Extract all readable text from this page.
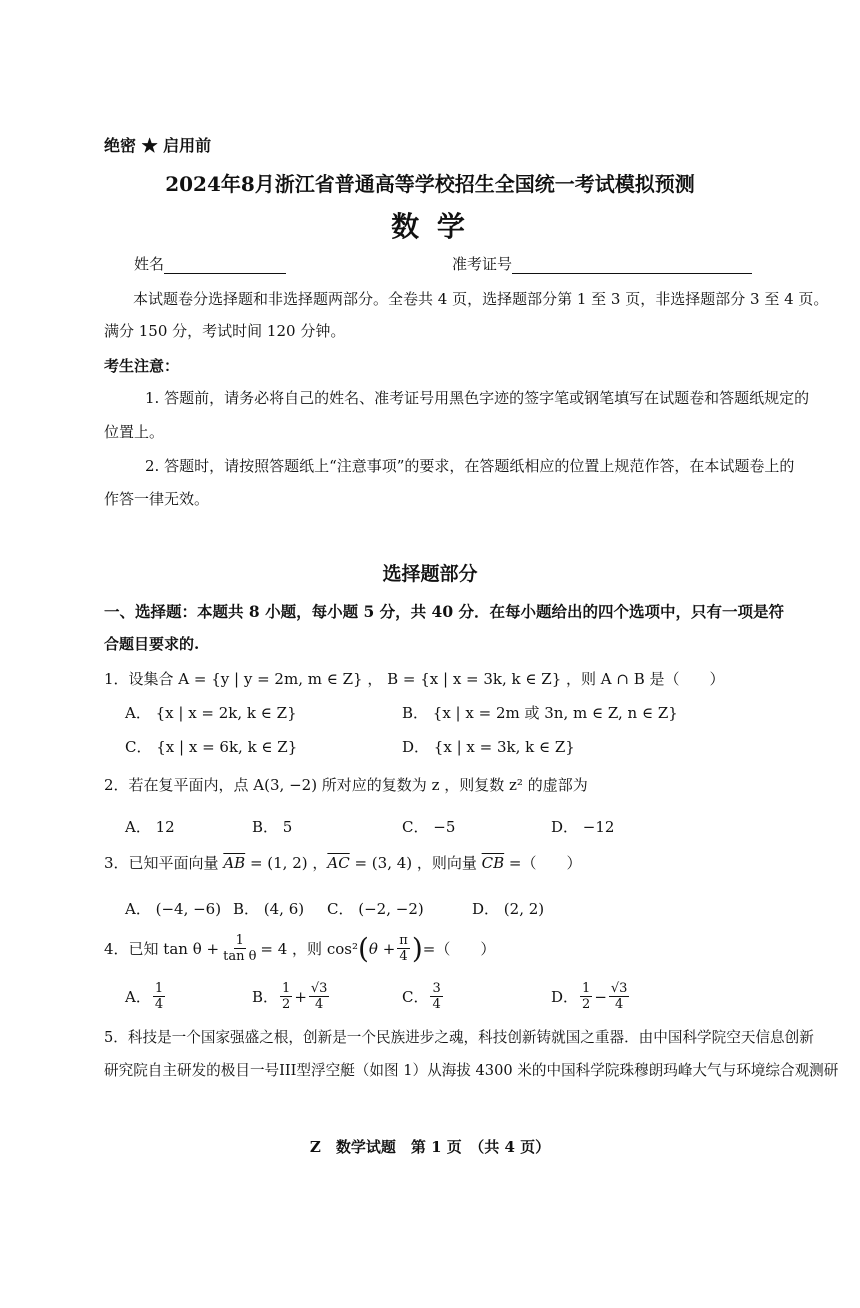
绝密 ★ 启用前
2024年8月浙江省普通高等学校招生全国统一考试模拟预测
数 学
姓名	准考证号
本试题卷分选择题和非选择题两部分。全卷共 4 页，选择题部分第 1 至 3 页，非选择题部分 3 至 4 页。
满分 150 分，考试时间 120 分钟。
考生注意：
1. 答题前，请务必将自己的姓名、准考证号用黑色字迹的签字笔或钢笔填写在试题卷和答题纸规定的
位置上。
2. 答题时，请按照答题纸上“注意事项”的要求，在答题纸相应的位置上规范作答，在本试题卷上的
作答一律无效。
选择题部分
一、选择题：本题共 8 小题，每小题 5 分，共 40 分．在每小题给出的四个选项中，只有一项是符
合题目要求的.
1．设集合 A = {y | y = 2m, m ∈ Z} ， B = {x | x = 3k, k ∈ Z} ，则 A ∩ B 是（　　）
A． {x | x = 2k, k ∈ Z}	B． {x | x = 2m 或 3n, m ∈ Z, n ∈ Z}
C． {x | x = 6k, k ∈ Z}	D． {x | x = 3k, k ∈ Z}
2．若在复平面内，点 A(3, −2) 所对应的复数为 z ，则复数 z² 的虚部为
A． 12	B． 5	C． −5	D． −12
3．已知平面向量 $\overline{AB} = (1$, 2) ，$\overline{AC} = (3$, 4) ，则向量 $\overline{CB}$ =（　　）
A． (−4, −6) B． (4, 6) C． (−2, −2)	D． (2, 2)
4．已知 $\tan \theta + \frac{1}{\text{tan θ}} = 4$ ，则 cos² ( $\theta + \frac{\pi}{4}$ ) =（　　）
A． $\frac{1}{4}$	B． $\frac{1}{2} + \frac{√3}{4}$	C． $\frac{3}{4}$	D． $\frac{1}{2} - \frac{√3}{4}$
5．科技是一个国家强盛之根，创新是一个民族进步之魂，科技创新铸就国之重器．由中国科学院空天信息创新
研究院自主研发的极目一号III型浮空艇（如图 1）从海拔 4300 米的中国科学院珠穆朗玛峰大气与环境综合观测研
Z　数学试题　第 1 页　（共 4 页）
